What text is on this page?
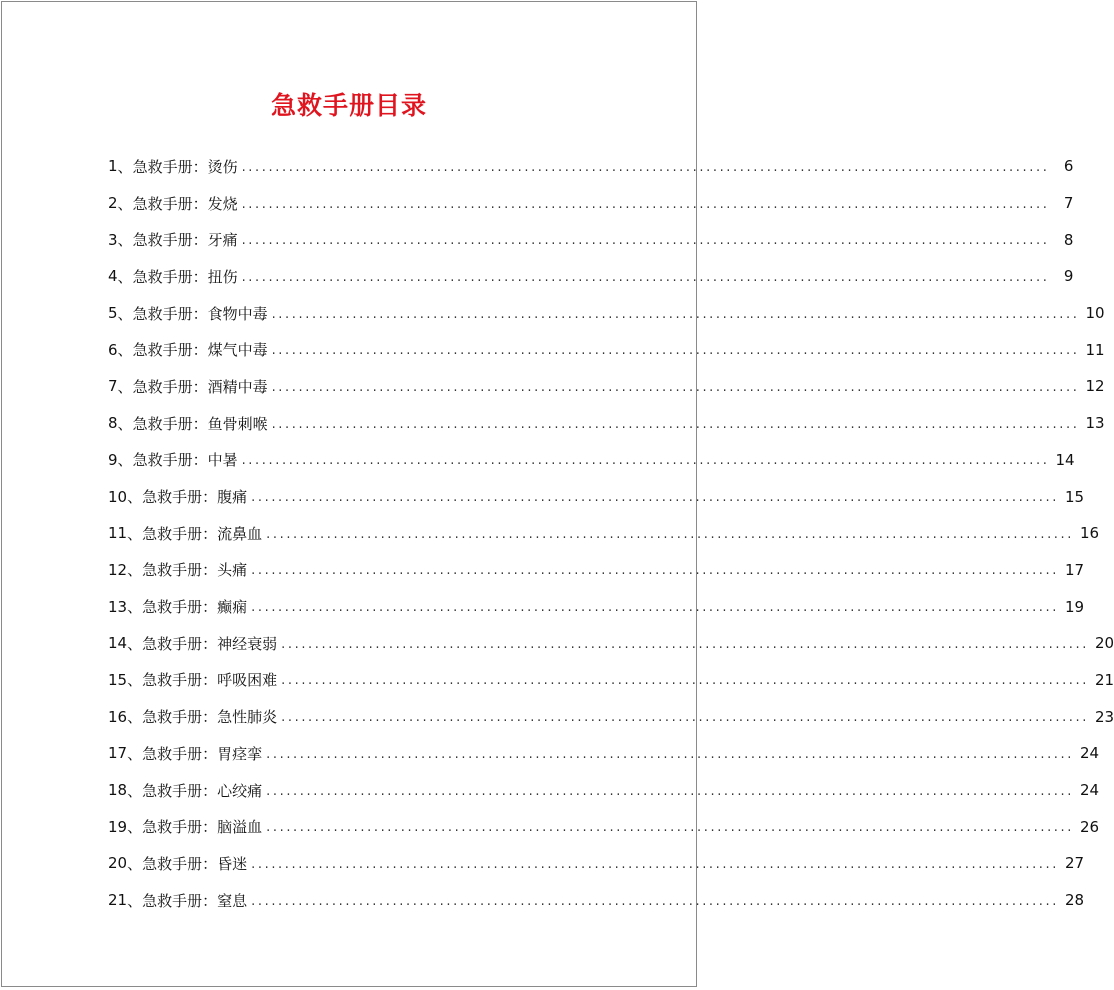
急救手册目录
1 、 急救手册：烫伤 ........................................................................................................................ 6
2 、 急救手册：发烧 ........................................................................................................................ 7
3 、 急救手册：牙痛 ........................................................................................................................ 8
4 、 急救手册：扭伤 ........................................................................................................................ 9
5 、 急救手册：食物中毒 ........................................................................................................................ 10
6 、 急救手册：煤气中毒 ........................................................................................................................ 11
7 、 急救手册：酒精中毒 ........................................................................................................................ 12
8 、 急救手册：鱼骨刺喉 ........................................................................................................................ 13
9 、 急救手册：中暑 ........................................................................................................................ 14
10 、 急救手册：腹痛 ........................................................................................................................ 15
11 、 急救手册：流鼻血 ........................................................................................................................ 16
12 、 急救手册：头痛 ........................................................................................................................ 17
13 、 急救手册：癫痫 ........................................................................................................................ 19
14 、 急救手册：神经衰弱 ........................................................................................................................ 20
15 、 急救手册：呼吸困难 ........................................................................................................................ 21
16 、 急救手册：急性肺炎 ........................................................................................................................ 23
17 、 急救手册：胃痉挛 ........................................................................................................................ 24
18 、 急救手册：心绞痛 ........................................................................................................................ 24
19 、 急救手册：脑溢血 ........................................................................................................................ 26
20 、 急救手册：昏迷 ........................................................................................................................ 27
21 、 急救手册：窒息 ........................................................................................................................ 28
